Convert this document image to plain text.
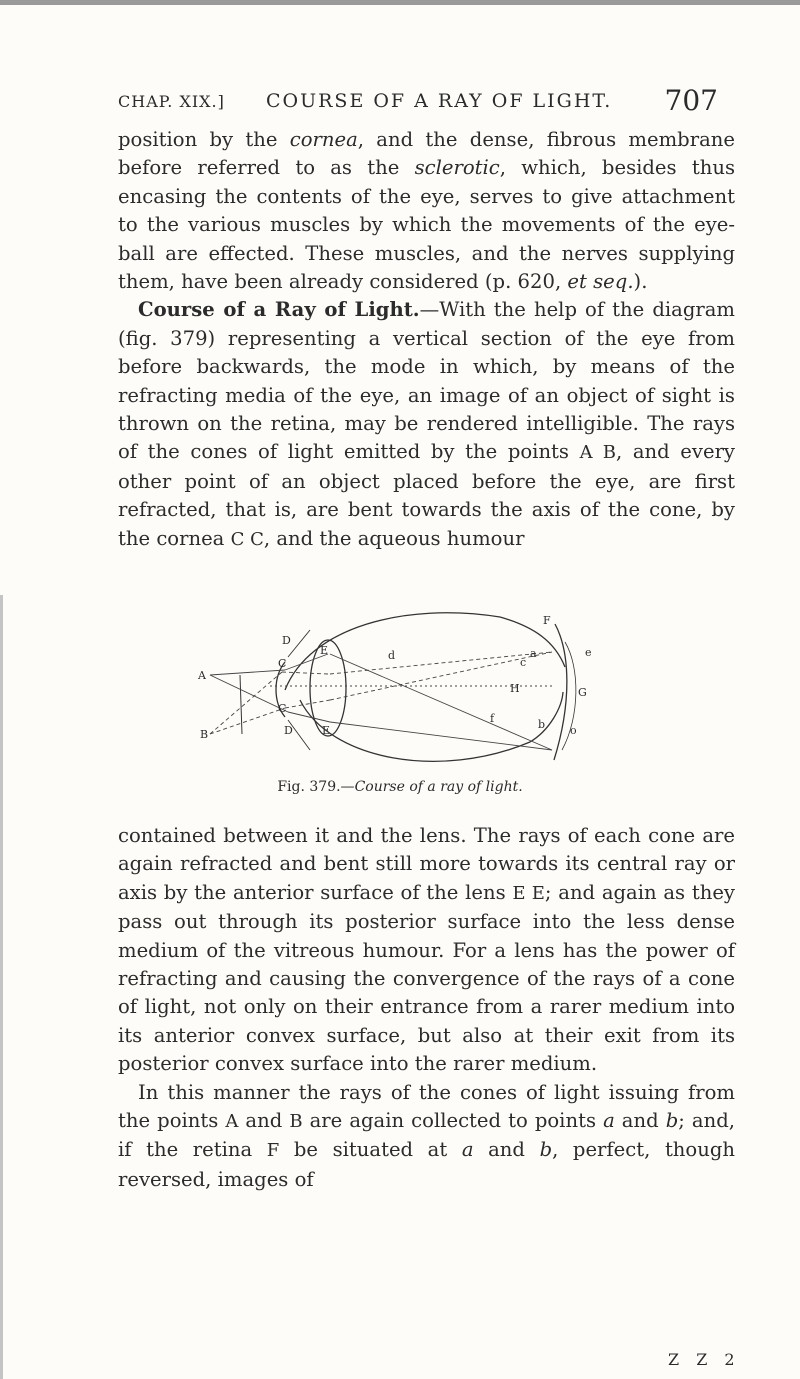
CHAP. XIX.] COURSE OF A RAY OF LIGHT. 707

position by the cornea, and the dense, fibrous membrane before referred to as the sclerotic, which, besides thus encasing the contents of the eye, serves to give attachment to the various muscles by which the movements of the eye-ball are effected. These muscles, and the nerves supplying them, have been already considered (p. 620, et seq.).

Course of a Ray of Light.—With the help of the diagram (fig. 379) representing a vertical section of the eye from before backwards, the mode in which, by means of the refracting media of the eye, an image of an object of sight is thrown on the retina, may be rendered intelligible. The rays of the cones of light emitted by the points A B, and every other point of an object placed before the eye, are first refracted, that is, are bent towards the axis of the cone, by the cornea C C, and the aqueous humour

A
B
D
C
C
D
E
E
d
F
H
c
a	e
G
f	b o
Fig. 379.—Course of a ray of light.

contained between it and the lens. The rays of each cone are again refracted and bent still more towards its central ray or axis by the anterior surface of the lens E E; and again as they pass out through its posterior surface into the less dense medium of the vitreous humour. For a lens has the power of refracting and causing the convergence of the rays of a cone of light, not only on their entrance from a rarer medium into its anterior convex surface, but also at their exit from its posterior convex surface into the rarer medium.

In this manner the rays of the cones of light issuing from the points A and B are again collected to points a and b; and, if the retina F be situated at a and b, perfect, though reversed, images of

Z Z 2
